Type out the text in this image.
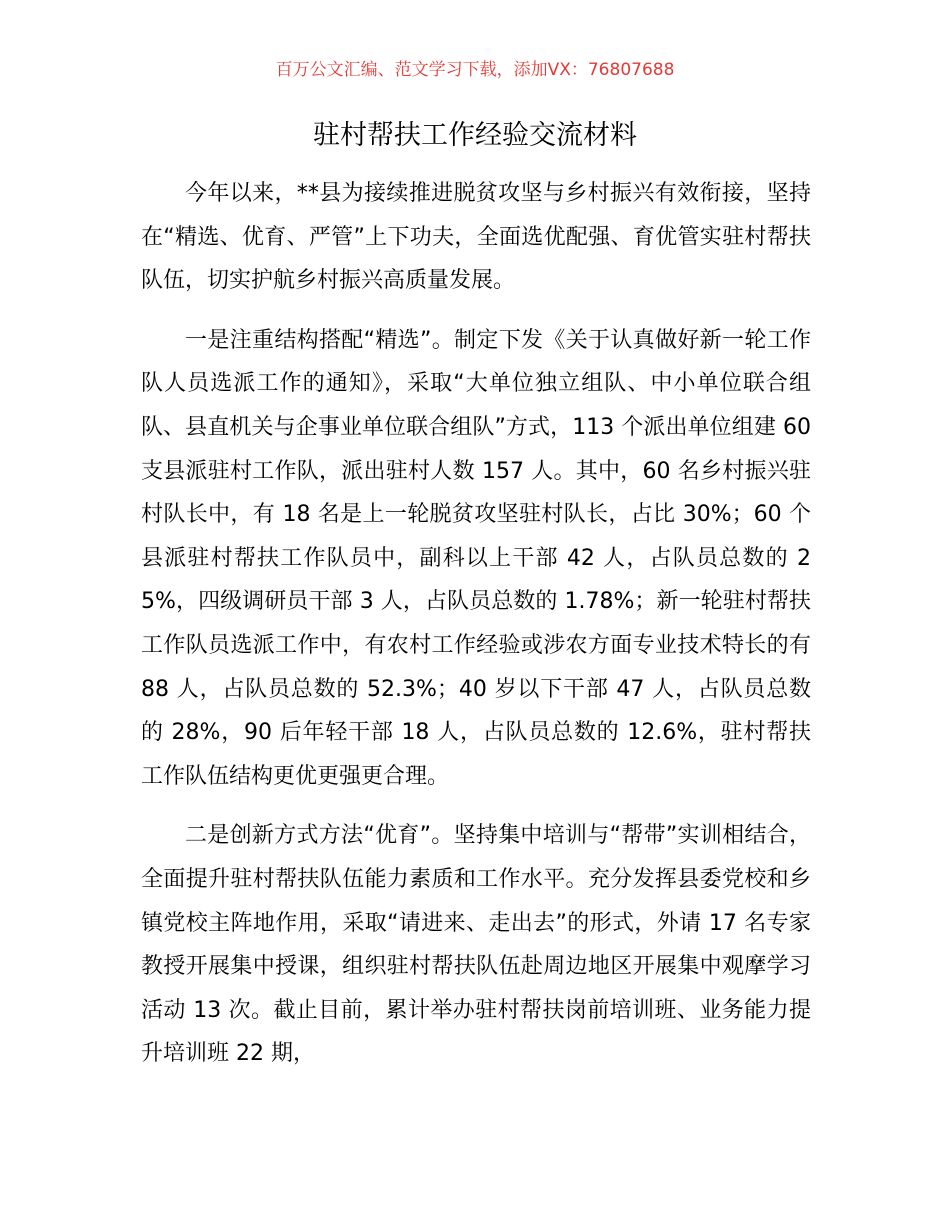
百万公文汇编、范文学习下载，添加VX：76807688
驻村帮扶工作经验交流材料

今年以来，**县为接续推进脱贫攻坚与乡村振兴有效衔接，坚持在“精选、优育、严管”上下功夫，全面选优配强、育优管实驻村帮扶队伍，切实护航乡村振兴高质量发展。

一是注重结构搭配“精选”。制定下发《关于认真做好新一轮工作队人员选派工作的通知》，采取“大单位独立组队、中小单位联合组队、县直机关与企事业单位联合组队”方式，113 个派出单位组建 60 支县派驻村工作队，派出驻村人数 157 人。其中，60 名乡村振兴驻村队长中，有 18 名是上一轮脱贫攻坚驻村队长，占比 30%；60 个县派驻村帮扶工作队员中，副科以上干部 42 人，占队员总数的 25%，四级调研员干部 3 人，占队员总数的 1.78%；新一轮驻村帮扶工作队员选派工作中，有农村工作经验或涉农方面专业技术特长的有 88 人，占队员总数的 52.3%；40 岁以下干部 47 人，占队员总数的 28%，90 后年轻干部 18 人，占队员总数的 12.6%，驻村帮扶工作队伍结构更优更强更合理。

二是创新方式方法“优育”。坚持集中培训与“帮带”实训相结合，全面提升驻村帮扶队伍能力素质和工作水平。充分发挥县委党校和乡镇党校主阵地作用，采取“请进来、走出去”的形式，外请 17 名专家教授开展集中授课，组织驻村帮扶队伍赴周边地区开展集中观摩学习活动 13 次。截止目前，累计举办驻村帮扶岗前培训班、业务能力提升培训班 22 期，
